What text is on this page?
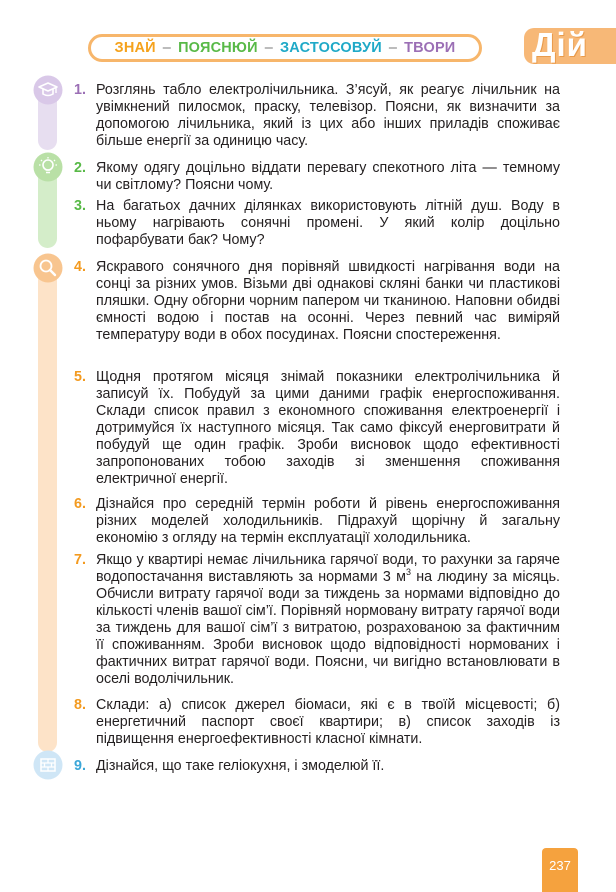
ЗНАЙ – ПОЯСНЮЙ – ЗАСТОСОВУЙ – ТВОРИ Дій
1. Розглянь табло електролічильника. З’ясуй, як реагує лічильник на увімкнений пилосмок, праску, телевізор. Поясни, як визначити за допомогою лічильника, який із цих або інших приладів споживає більше енергії за одиницю часу.
2. Якому одягу доцільно віддати перевагу спекотного літа — темному чи світлому? Поясни чому.
3. На багатьох дачних ділянках використовують літній душ. Воду в ньому нагрівають сонячні промені. У який колір доцільно пофарбувати бак? Чому?
4. Яскравого сонячного дня порівняй швидкості нагрівання води на сонці за різних умов. Візьми дві однакові скляні банки чи пластикові пляшки. Одну обгорни чорним папером чи тканиною. Наповни обидві ємності водою і постав на осонні. Через певний час виміряй температуру води в обох посудинах. Поясни спостереження.
5. Щодня протягом місяця знімай показники електролічильника й записуй їх. Побудуй за цими даними графік енергоспоживання. Склади список правил з економного споживання електроенергії і дотримуйся їх наступного місяця. Так само фіксуй енерговитрати й побудуй ще один графік. Зроби висновок щодо ефективності запропонованих тобою заходів зі зменшення споживання електричної енергії.
6. Дізнайся про середній термін роботи й рівень енергоспоживання різних моделей холодильників. Підрахуй щорічну й загальну економію з огляду на термін експлуатації холодильника.
7. Якщо у квартирі немає лічильника гарячої води, то рахунки за гаряче водопостачання виставляють за нормами 3 $м^3$ на людину за місяць. Обчисли витрату гарячої води за тиждень за нормами відповідно до кількості членів вашої сім’ї. Порівняй нормовану витрату гарячої води за тиждень для вашої сім’ї з витратою, розрахованою за фактичним її споживанням. Зроби висновок щодо відповідності нормованих і фактичних витрат гарячої води. Поясни, чи вигідно встановлювати в оселі водолічильник.
8. Склади: а) список джерел біомаси, які є в твоїй місцевості; б) енергетичний паспорт своєї квартири; в) список заходів із підвищення енергоефективності класної кімнати.
9. Дізнайся, що таке геліокухня, і змоделюй її.
237
